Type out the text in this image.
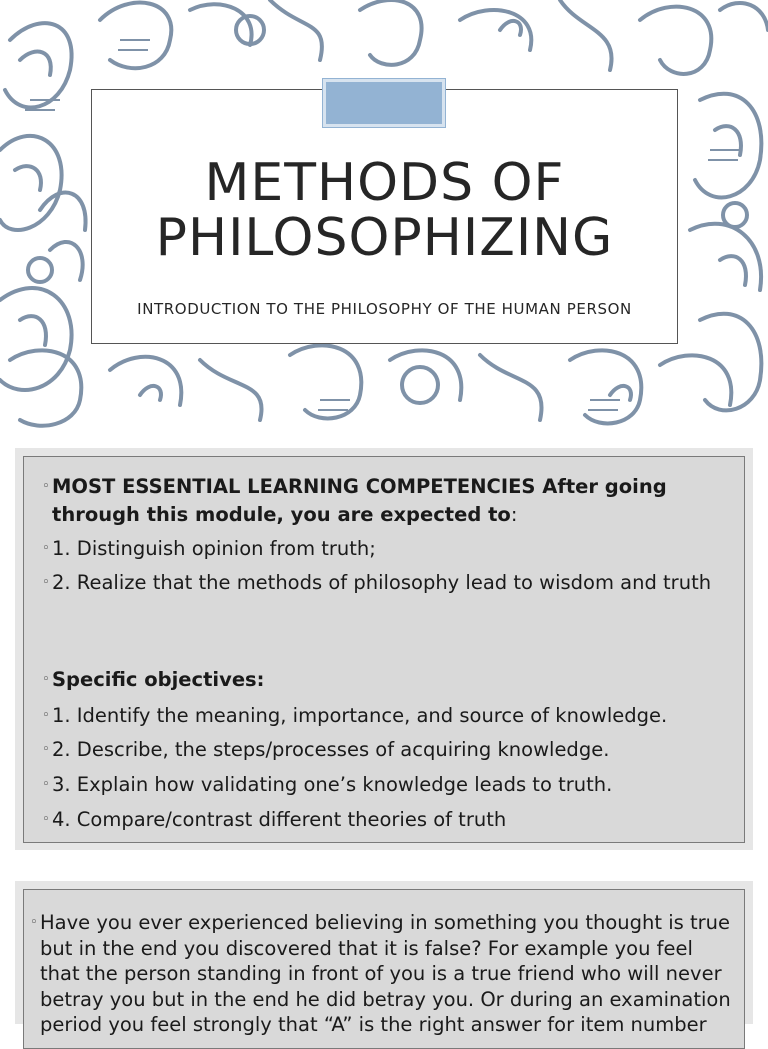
METHODS OF
PHILOSOPHIZING
INTRODUCTION TO THE PHILOSOPHY OF THE HUMAN PERSON
◦ MOST ESSENTIAL LEARNING COMPETENCIES After going through this module, you are expected to:
◦ 1. Distinguish opinion from truth;
◦ 2. Realize that the methods of philosophy lead to wisdom and truth
◦ Specific objectives:
◦ 1. Identify the meaning, importance, and source of knowledge.
◦ 2. Describe, the steps/processes of acquiring knowledge.
◦ 3. Explain how validating one’s knowledge leads to truth.
◦ 4. Compare/contrast different theories of truth
◦ Have you ever experienced believing in something you thought is true but in the end you discovered that it is false? For example you feel that the person standing in front of you is a true friend who will never betray you but in the end he did betray you. Or during an examination period you feel strongly that “A” is the right answer for item number
